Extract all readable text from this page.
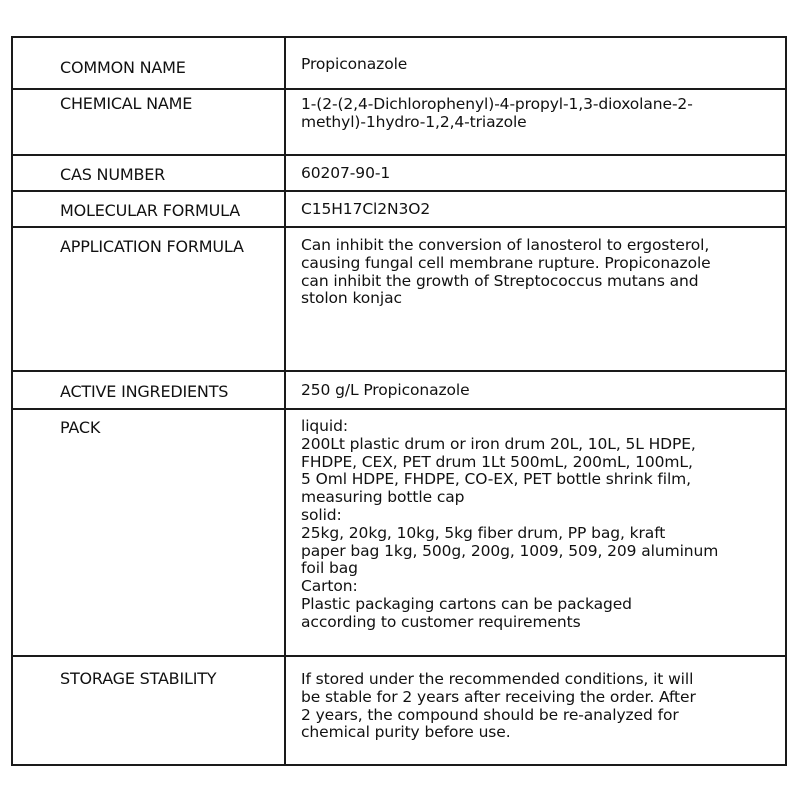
COMMON NAME	Propiconazole
CHEMICAL NAME	1-(2-(2,4-Dichlorophenyl)-4-propyl-1,3-dioxolane-2-
methyl)-1hydro-1,2,4-triazole
CAS NUMBER	60207-90-1
MOLECULAR FORMULA	C15H17Cl2N3O2
APPLICATION FORMULA	Can inhibit the conversion of lanosterol to ergosterol,
causing fungal cell membrane rupture. Propiconazole
can inhibit the growth of Streptococcus mutans and
stolon konjac
ACTIVE INGREDIENTS	250 g/L Propiconazole
PACK	liquid:
200Lt plastic drum or iron drum 20L, 10L, 5L HDPE,
FHDPE, CEX, PET drum 1Lt 500mL, 200mL, 100mL,
5 Oml HDPE, FHDPE, CO-EX, PET bottle shrink film,
measuring bottle cap
solid:
25kg, 20kg, 10kg, 5kg fiber drum, PP bag, kraft
paper bag 1kg, 500g, 200g, 1009, 509, 209 aluminum
foil bag
Carton:
Plastic packaging cartons can be packaged
according to customer requirements
STORAGE STABILITY	If stored under the recommended conditions, it will
be stable for 2 years after receiving the order. After
2 years, the compound should be re-analyzed for
chemical purity before use.
